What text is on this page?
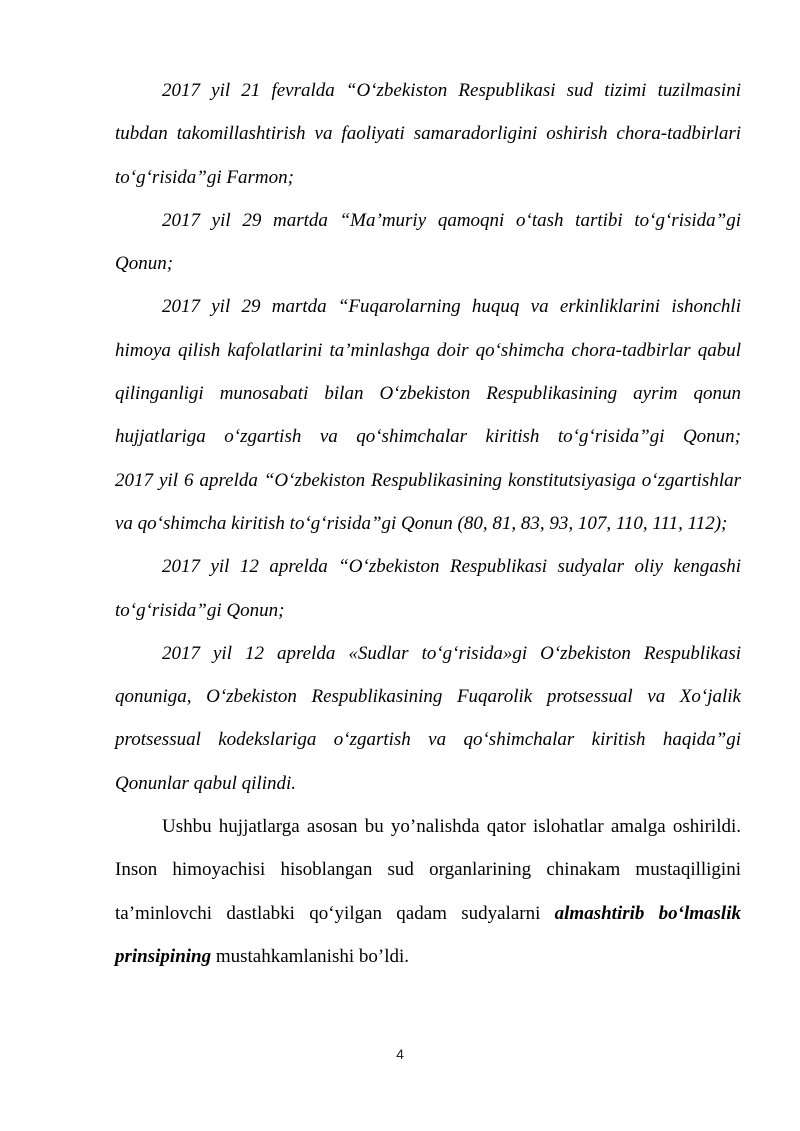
2017 yil 21 fevralda “O‘zbekiston Respublikasi sud tizimi tuzilmasini tubdan takomillashtirish va faoliyati samaradorligini oshirish chora-tadbirlari to‘g‘risida”gi Farmon;

2017 yil 29 martda “Ma’muriy qamoqni o‘tash tartibi to‘g‘risida”gi Qonun;

2017 yil 29 martda “Fuqarolarning huquq va erkinliklarini ishonchli himoya qilish kafolatlarini ta’minlashga doir qo‘shimcha chora-tadbirlar qabul qilinganligi munosabati bilan O‘zbekiston Respublikasining ayrim qonun hujjatlariga o‘zgartish va qo‘shimchalar kiritish to‘g‘risida”gi Qonun;

2017 yil 6 aprelda “O‘zbekiston Respublikasining konstitutsiyasiga o‘zgartishlar va qo‘shimcha kiritish to‘g‘risida”gi Qonun (80, 81, 83, 93, 107, 110, 111, 112);

2017 yil 12 aprelda “O‘zbekiston Respublikasi sudyalar oliy kengashi to‘g‘risida”gi Qonun;

2017 yil 12 aprelda «Sudlar to‘g‘risida»gi O‘zbekiston Respublikasi qonuniga, O‘zbekiston Respublikasining Fuqarolik protsessual va Xo‘jalik protsessual kodekslariga o‘zgartish va qo‘shimchalar kiritish haqida”gi Qonunlar qabul qilindi.

Ushbu hujjatlarga asosan bu yo’nalishda qator islohatlar amalga oshirildi. Inson himoyachisi hisoblangan sud organlarining chinakam mustaqilligini ta’minlovchi dastlabki qo‘yilgan qadam sudyalarni almashtirib bo‘lmaslik prinsipining mustahkamlanishi bo’ldi.

4
